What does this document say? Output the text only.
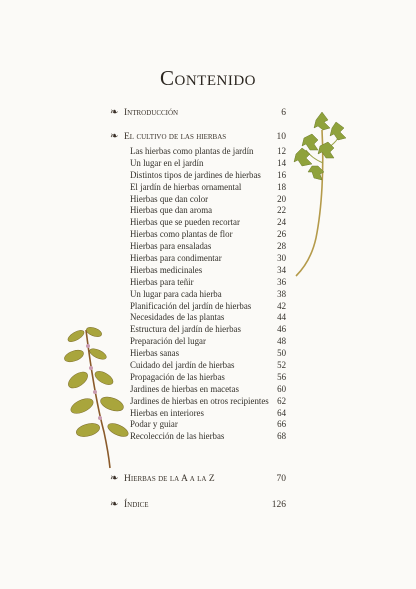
Contenido
❧ Introducción	6
❧ El cultivo de las hierbas	10
Las hierbas como plantas de jardín	12
Un lugar en el jardín	14
Distintos tipos de jardines de hierbas 16
El jardín de hierbas ornamental	18
Hierbas que dan color	20
Hierbas que dan aroma	22
Hierbas que se pueden recortar	24
Hierbas como plantas de flor	26
Hierbas para ensaladas	28
Hierbas para condimentar	30
Hierbas medicinales	34
Hierbas para teñir	36
Un lugar para cada hierba	38
Planificación del jardín de hierbas	42
Necesidades de las plantas	44
Estructura del jardín de hierbas	46
Preparación del lugar	48
Hierbas sanas	50
Cuidado del jardín de hierbas	52
Propagación de las hierbas	56
Jardines de hierbas en macetas	60
Jardines de hierbas en otros recipientes 62
Hierbas en interiores	64
Podar y guiar	66
Recolección de las hierbas	68
❧ Hierbas de la A a la Z	70
❧ Índice	126
